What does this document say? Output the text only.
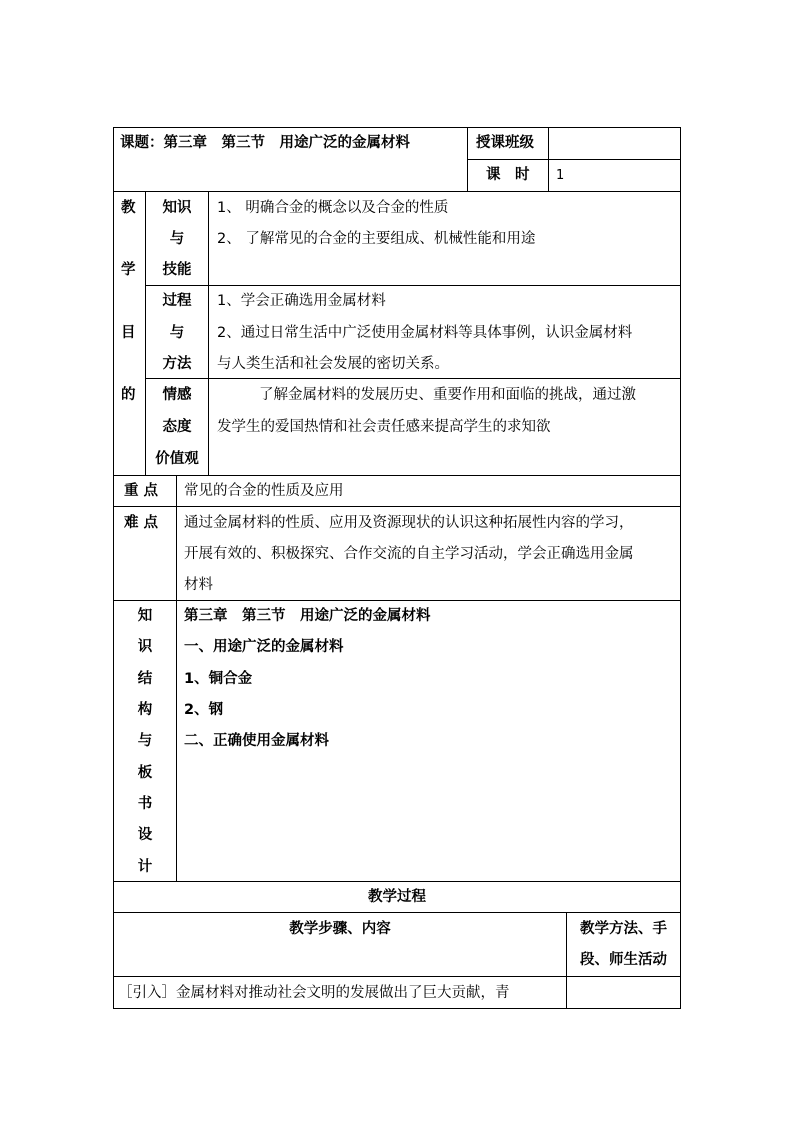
课题：第三章　第三节　用途广泛的金属材料	授课班级
课　时 1
教
学
目
的
知识
与
技能
1、 明确合金的概念以及合金的性质
2、 了解常见的合金的主要组成、机械性能和用途
过程
与
方法
1、学会正确选用金属材料
2、通过日常生活中广泛使用金属材料等具体事例，认识金属材料
与人类生活和社会发展的密切关系。
情感
态度
价值观
了解金属材料的发展历史、重要作用和面临的挑战，通过激
发学生的爱国热情和社会责任感来提高学生的求知欲
重 点 常见的合金的性质及应用
难 点 通过金属材料的性质、应用及资源现状的认识这种拓展性内容的学习，
开展有效的、积极探究、合作交流的自主学习活动，学会正确选用金属
材料
知
识
结
构
与
板
书
设
计
第三章　第三节　用途广泛的金属材料
一、用途广泛的金属材料
1、铜合金
2、钢
二、正确使用金属材料
教学过程
教学步骤、内容	教学方法、手
段、师生活动
［引入］金属材料对推动社会文明的发展做出了巨大贡献，青
